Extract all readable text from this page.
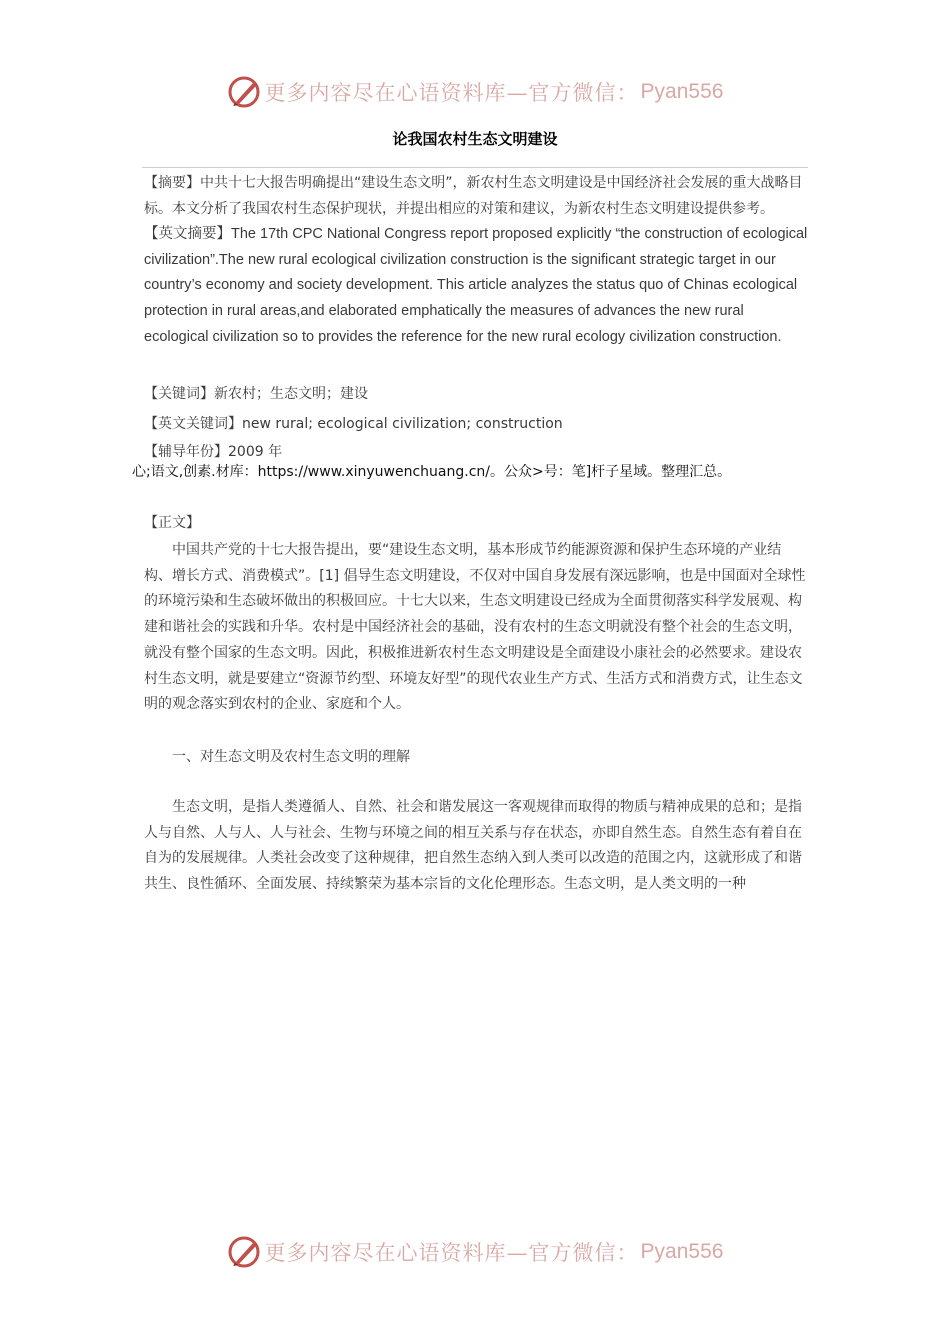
更多内容尽在心语资料库—官方微信： Pyan556
论我国农村生态文明建设

【摘要】中共十七大报告明确提出“建设生态文明”，新农村生态文明建设是中国经济社会发展的重大战略目标。本文分析了我国农村生态保护现状，并提出相应的对策和建议，为新农村生态文明建设提供参考。

【英文摘要】The 17th CPC National Congress report proposed explicitly “the construction of ecological civilization”.The new rural ecological civilization construction is the significant strategic target in our country’s economy and society development. This article analyzes the status quo of Chinas ecological protection in rural areas,and elaborated emphatically the measures of advances the new rural ecological civilization so to provides the reference for the new rural ecology civilization construction.

【关键词】新农村；生态文明；建设

【英文关键词】new rural; ecological civilization; construction

【辅导年份】2009 年

心;语文,创素.材库：https://www.xinyuwenchuang.cn/。公众>号：笔]杆子星域。整理汇总。

【正文】

中国共产党的十七大报告提出，要“建设生态文明，基本形成节约能源资源和保护生态环境的产业结构、增长方式、消费模式”。[1] 倡导生态文明建设，不仅对中国自身发展有深远影响，也是中国面对全球性的环境污染和生态破坏做出的积极回应。十七大以来，生态文明建设已经成为全面贯彻落实科学发展观、构建和谐社会的实践和升华。农村是中国经济社会的基础，没有农村的生态文明就没有整个社会的生态文明，就没有整个国家的生态文明。因此，积极推进新农村生态文明建设是全面建设小康社会的必然要求。建设农村生态文明，就是要建立“资源节约型、环境友好型”的现代农业生产方式、生活方式和消费方式，让生态文明的观念落实到农村的企业、家庭和个人。

一、对生态文明及农村生态文明的理解

生态文明，是指人类遵循人、自然、社会和谐发展这一客观规律而取得的物质与精神成果的总和；是指人与自然、人与人、人与社会、生物与环境之间的相互关系与存在状态，亦即自然生态。自然生态有着自在自为的发展规律。人类社会改变了这种规律，把自然生态纳入到人类可以改造的范围之内，这就形成了和谐共生、良性循环、全面发展、持续繁荣为基本宗旨的文化伦理形态。生态文明，是人类文明的一种

更多内容尽在心语资料库—官方微信： Pyan556
